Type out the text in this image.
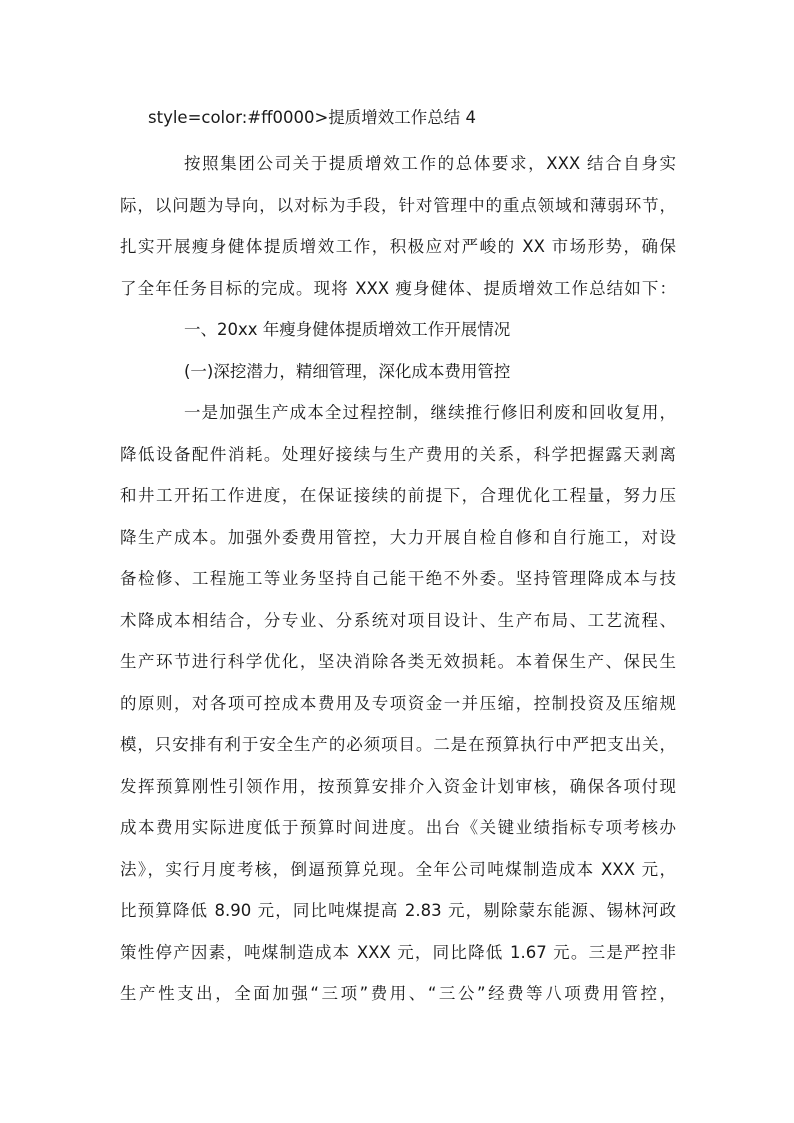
style=color:#ff0000>提质增效工作总结 4
按照集团公司关于提质增效工作的总体要求，XXX 结合自身实
际，以问题为导向，以对标为手段，针对管理中的重点领域和薄弱环节，
扎实开展瘦身健体提质增效工作，积极应对严峻的 XX 市场形势，确保
了全年任务目标的完成。现将 XXX 瘦身健体、提质增效工作总结如下：
一、20xx 年瘦身健体提质增效工作开展情况
(一)深挖潜力，精细管理，深化成本费用管控
一是加强生产成本全过程控制，继续推行修旧利废和回收复用，
降低设备配件消耗。处理好接续与生产费用的关系，科学把握露天剥离
和井工开拓工作进度，在保证接续的前提下，合理优化工程量，努力压
降生产成本。加强外委费用管控，大力开展自检自修和自行施工，对设
备检修、工程施工等业务坚持自己能干绝不外委。坚持管理降成本与技
术降成本相结合，分专业、分系统对项目设计、生产布局、工艺流程、
生产环节进行科学优化，坚决消除各类无效损耗。本着保生产、保民生
的原则，对各项可控成本费用及专项资金一并压缩，控制投资及压缩规
模，只安排有利于安全生产的必须项目。二是在预算执行中严把支出关，
发挥预算刚性引领作用，按预算安排介入资金计划审核，确保各项付现
成本费用实际进度低于预算时间进度。出台《关键业绩指标专项考核办
法》，实行月度考核，倒逼预算兑现。全年公司吨煤制造成本 XXX 元，
比预算降低 8.90 元，同比吨煤提高 2.83 元，剔除蒙东能源、锡林河政
策性停产因素，吨煤制造成本 XXX 元，同比降低 1.67 元。三是严控非
生产性支出，全面加强“三项”费用、“三公”经费等八项费用管控，
